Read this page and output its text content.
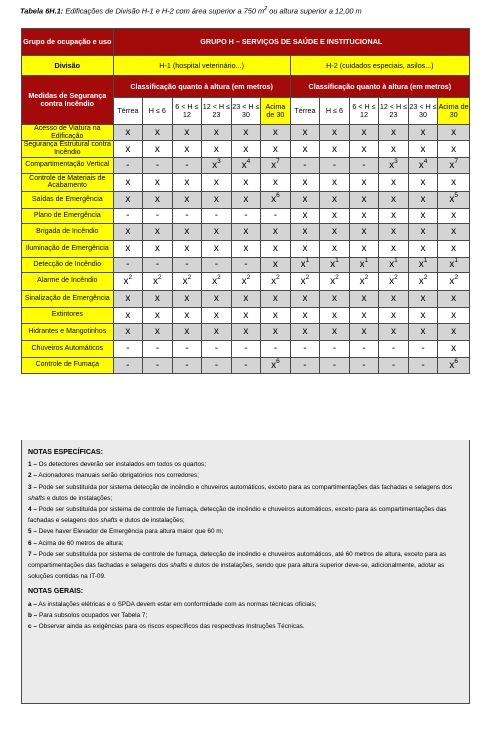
Tabela 6H.1: Edificações de Divisão H-1 e H-2 com área superior a 750 $m^2$ ou altura superior a 12,00 m
Grupo de ocupação e uso	GRUPO H – SERVIÇOS DE SAÚDE E INSTITUCIONAL											
Divisão	H-1 (hospital veterinário...)						H-2 (cuidados especiais, asilos...)					
Medidas de Segurança contra Incêndio	Classificação quanto à altura (em metros)						Classificação quanto à altura (em metros)					
	Térrea	H ≤ 6	6 < H ≤ 12	12 < H ≤ 23	23 < H ≤ 30	Acima de 30	Térrea	H ≤ 6	6 < H ≤ 12	12 < H ≤ 23	23 < H ≤ 30	Acima de 30
Acesso de Viatura na Edificação	x	x	x	x	x	x	x	x	x	x	x	x
Segurança Estrutural contra Incêndio	x	x	x	x	x	x	x	x	x	x	x	x
Compartimentação Vertical	-	-	-	$x^3$	$x^4$	$x^7$	-	-	-	$x^3$	$x^4$	$x^7$
Controle de Materiais de Acabamento	x	x	x	x	x	x	x	x	x	x	x	x
Saídas de Emergência	x	x	x	x	x	$x^6$	x	x	x	x	x	$x^5$
Plano de Emergência	-	-	-	-	-	-	x	x	x	x	x	x
Brigada de Incêndio	x	x	x	x	x	x	x	x	x	x	x	x
Iluminação de Emergência	x	x	x	x	x	x	x	x	x	x	x	x
Detecção de Incêndio	-	-	-	-	-	x	$x^1$	$x^1$	$x^1$	$x^1$	$x^1$	$x^1$
Alarme de Incêndio	$x^2$	$x^2$	$x^2$	$x^2$	$x^2$	$x^2$	$x^2$	$x^2$	$x^2$	$x^2$	$x^2$	$x^2$
Sinalização de Emergência	x	x	x	x	x	x	x	x	x	x	x	x
Extintores	x	x	x	x	x	x	x	x	x	x	x	x
Hidrantes e Mangotinhos	x	x	x	x	x	x	x	x	x	x	x	x
Chuveiros Automáticos	-	-	-	-	-	-	-	-	-	-	-	x
Controle de Fumaça	-	-	-	-	-	$x^6$	-	-	-	-	-	$x^6$
NOTAS ESPECÍFICAS:
1 – Os detectores deverão ser instalados em todos os quartos;
2 – Acionadores manuais serão obrigatórios nos corredores;
3 – Pode ser substituída por sistema detecção de incêndio e chuveiros automáticos, exceto para as compartimentações das fachadas e selagens dos shafts e dutos de instalações;
4 – Pode ser substituída por sistema de controle de fumaça, detecção de incêndio e chuveiros automáticos, exceto para as compartimentações das fachadas e selagens dos shafts e dutos de instalações;
5 – Deve haver Elevador de Emergência para altura maior que 60 m;
6 – Acima de 60 metros de altura;
7 – Pode ser substituída por sistema de controle de fumaça, detecção de incêndio e chuveiros automáticos, até 60 metros de altura, exceto para as compartimentações das fachadas e selagens dos shafts e dutos de instalações, sendo que para altura superior deve-se, adicionalmente, adotar as soluções contidas na IT-09.
NOTAS GERAIS:
a – As instalações elétricas e o SPDA devem estar em conformidade com as normas técnicas oficiais;
b – Para subsolos ocupados ver Tabela 7;
c – Observar ainda as exigências para os riscos específicos das respectivas Instruções Técnicas.
